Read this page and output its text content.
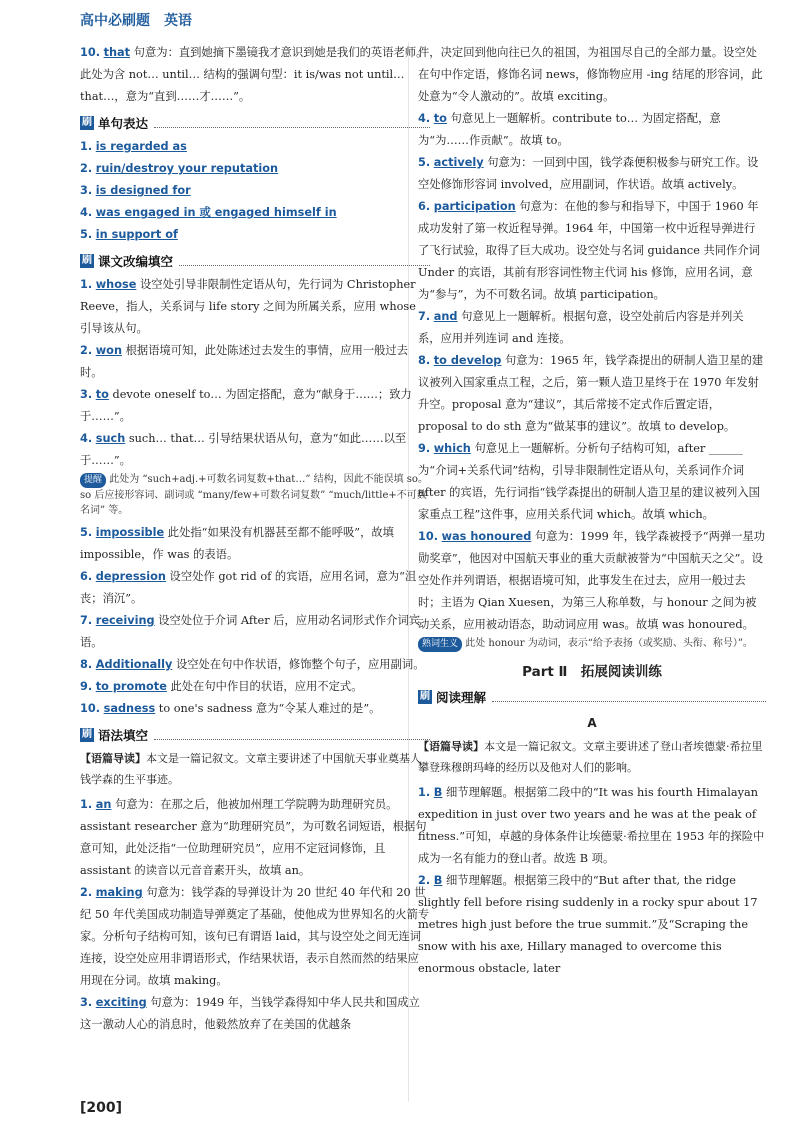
高中必刷题　英语

10. that 句意为：直到她摘下墨镜我才意识到她是我们的英语老师。此处为含 not… until… 结构的强调句型：it is/was not until… that…，意为“直到……才……”。

刷 单句表达

1. is regarded as

2. ruin/destroy your reputation

3. is designed for

4. was engaged in 或 engaged himself in

5. in support of

刷 课文改编填空

1. whose 设空处引导非限制性定语从句，先行词为 Christopher Reeve，指人，关系词与 life story 之间为所属关系，应用 whose 引导该从句。

2. won 根据语境可知，此处陈述过去发生的事情，应用一般过去时。

3. to devote oneself to… 为固定搭配，意为“献身于……；致力于……”。

4. such such… that… 引导结果状语从句，意为“如此……以至于……”。

提醒 此处为 “such+adj.+可数名词复数+that…” 结构，因此不能误填 so。so 后应接形容词、副词或 “many/few+可数名词复数” “much/little+不可数名词” 等。

5. impossible 此处指“如果没有机器甚至都不能呼吸”，故填 impossible，作 was 的表语。

6. depression 设空处作 got rid of 的宾语，应用名词，意为“沮丧；消沉”。

7. receiving 设空处位于介词 After 后，应用动名词形式作介词宾语。

8. Additionally 设空处在句中作状语，修饰整个句子，应用副词。

9. to promote 此处在句中作目的状语，应用不定式。

10. sadness to one's sadness 意为“令某人难过的是”。

刷 语法填空

【语篇导读】本文是一篇记叙文。文章主要讲述了中国航天事业奠基人钱学森的生平事迹。

1. an 句意为：在那之后，他被加州理工学院聘为助理研究员。assistant researcher 意为“助理研究员”，为可数名词短语，根据句意可知，此处泛指“一位助理研究员”，应用不定冠词修饰，且 assistant 的读音以元音音素开头，故填 an。

2. making 句意为：钱学森的导弹设计为 20 世纪 40 年代和 20 世纪 50 年代美国成功制造导弹奠定了基础，使他成为世界知名的火箭专家。分析句子结构可知，该句已有谓语 laid，其与设空处之间无连词连接，设空处应用非谓语形式，作结果状语，表示自然而然的结果应用现在分词。故填 making。

3. exciting 句意为：1949 年，当钱学森得知中华人民共和国成立这一激动人心的消息时，他毅然放弃了在美国的优越条

件，决定回到他向往已久的祖国，为祖国尽自己的全部力量。设空处在句中作定语，修饰名词 news，修饰物应用 -ing 结尾的形容词，此处意为“令人激动的”。故填 exciting。

4. to 句意见上一题解析。contribute to… 为固定搭配，意为“为……作贡献”。故填 to。

5. actively 句意为：一回到中国，钱学森便积极参与研究工作。设空处修饰形容词 involved，应用副词，作状语。故填 actively。

6. participation 句意为：在他的参与和指导下，中国于 1960 年成功发射了第一枚近程导弹。1964 年，中国第一枚中近程导弹进行了飞行试验，取得了巨大成功。设空处与名词 guidance 共同作介词 Under 的宾语，其前有形容词性物主代词 his 修饰，应用名词，意为“参与”，为不可数名词。故填 participation。

7. and 句意见上一题解析。根据句意，设空处前后内容是并列关系，应用并列连词 and 连接。

8. to develop 句意为：1965 年，钱学森提出的研制人造卫星的建议被列入国家重点工程，之后，第一颗人造卫星终于在 1970 年发射升空。proposal 意为“建议”，其后常接不定式作后置定语，proposal to do sth 意为“做某事的建议”。故填 to develop。

9. which 句意见上一题解析。分析句子结构可知，after ______ 为“介词+关系代词”结构，引导非限制性定语从句，关系词作介词 after 的宾语，先行词指“钱学森提出的研制人造卫星的建议被列入国家重点工程”这件事，应用关系代词 which。故填 which。

10. was honoured 句意为：1999 年，钱学森被授予“两弹一星功勋奖章”，他因对中国航天事业的重大贡献被誉为“中国航天之父”。设空处作并列谓语，根据语境可知，此事发生在过去，应用一般过去时；主语为 Qian Xuesen，为第三人称单数，与 honour 之间为被动关系，应用被动语态，助动词应用 was。故填 was honoured。

熟词生义 此处 honour 为动词，表示“给予表扬（或奖励、头衔、称号）”。

Part Ⅱ　拓展阅读训练
刷 阅读理解
A

【语篇导读】本文是一篇记叙文。文章主要讲述了登山者埃德蒙·希拉里攀登珠穆朗玛峰的经历以及他对人们的影响。

1. B 细节理解题。根据第二段中的“It was his fourth Himalayan expedition in just over two years and he was at the peak of fitness.”可知，卓越的身体条件让埃德蒙·希拉里在 1953 年的探险中成为一名有能力的登山者。故选 B 项。

2. B 细节理解题。根据第三段中的“But after that, the ridge slightly fell before rising suddenly in a rocky spur about 17 metres high just before the true summit.”及“Scraping the snow with his axe, Hillary managed to overcome this enormous obstacle, later

[200]
